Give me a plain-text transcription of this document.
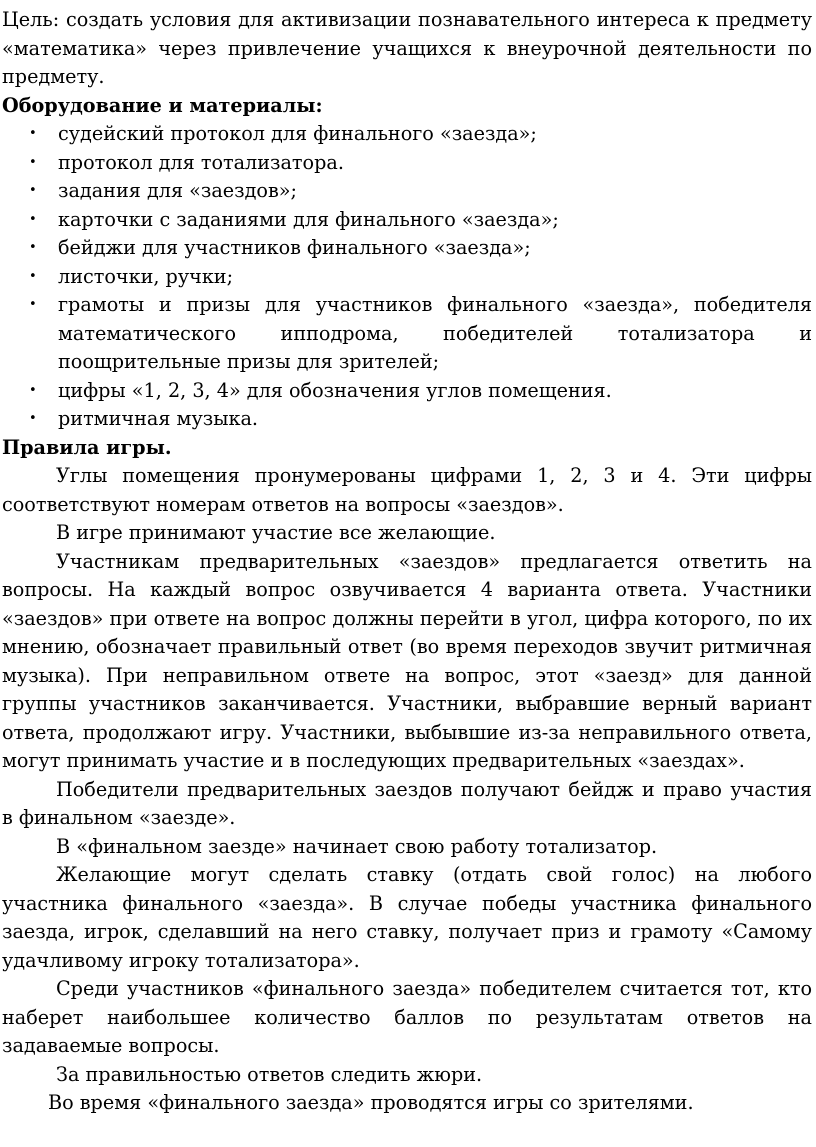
Цель: создать условия для активизации познавательного интереса к предмету «математика» через привлечение учащихся к внеурочной деятельности по предмету.

Оборудование и материалы:

• судейский протокол для финального «заезда»;
• протокол для тотализатора.
• задания для «заездов»;
• карточки с заданиями для финального «заезда»;
• бейджи для участников финального «заезда»;
• листочки, ручки;
• грамоты и призы для участников финального «заезда», победителя математического ипподрома, победителей тотализатора и поощрительные призы для зрителей;
• цифры «1, 2, 3, 4» для обозначения углов помещения.
• ритмичная музыка.

Правила игры.

Углы помещения пронумерованы цифрами 1, 2, 3 и 4. Эти цифры соответствуют номерам ответов на вопросы «заездов».

В игре принимают участие все желающие.

Участникам предварительных «заездов» предлагается ответить на вопросы. На каждый вопрос озвучивается 4 варианта ответа. Участники «заездов» при ответе на вопрос должны перейти в угол, цифра которого, по их мнению, обозначает правильный ответ (во время переходов звучит ритмичная музыка). При неправильном ответе на вопрос, этот «заезд» для данной группы участников заканчивается. Участники, выбравшие верный вариант ответа, продолжают игру. Участники, выбывшие из-за неправильного ответа, могут принимать участие и в последующих предварительных «заездах».

Победители предварительных заездов получают бейдж и право участия в финальном «заезде».

В «финальном заезде» начинает свою работу тотализатор.

Желающие могут сделать ставку (отдать свой голос) на любого участника финального «заезда». В случае победы участника финального заезда, игрок, сделавший на него ставку, получает приз и грамоту «Самому удачливому игроку тотализатора».

Среди участников «финального заезда» победителем считается тот, кто наберет наибольшее количество баллов по результатам ответов на задаваемые вопросы.

За правильностью ответов следить жюри.

Во время «финального заезда» проводятся игры со зрителями.
